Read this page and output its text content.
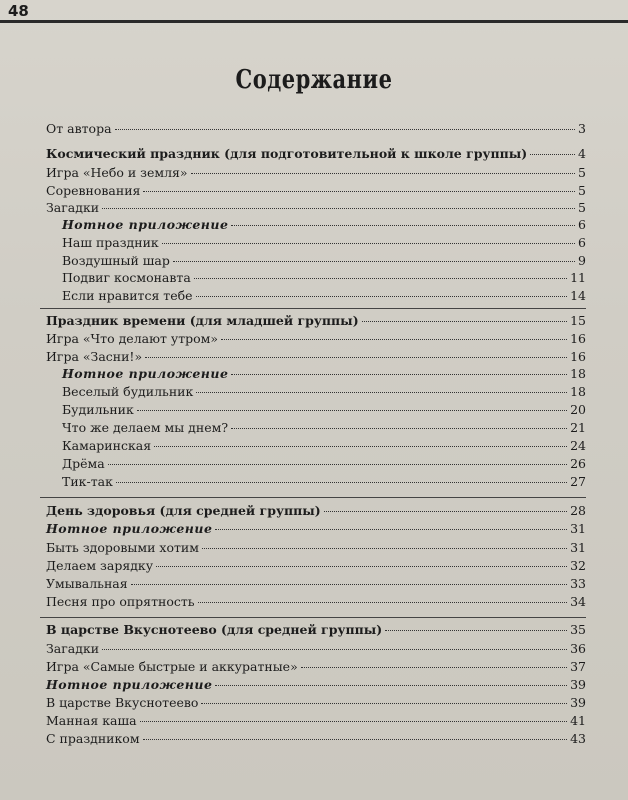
48
Содержание
От автора	3
Космический праздник (для подготовительной к школе группы)	4
Игра «Небо и земля»	5
Соревнования	5
Загадки	5
Нотное приложение	6
Наш праздник	6
Воздушный шар	9
Подвиг космонавта	11
Если нравится тебе	14
Праздник времени (для младшей группы)	15
Игра «Что делают утром»	16
Игра «Засни!»	16
Нотное приложение	18
Веселый будильник	18
Будильник	20
Что же делаем мы днем?	21
Камаринская	24
Дрёма	26
Тик-так	27
День здоровья (для средней группы)	28
Нотное приложение	31
Быть здоровыми хотим	31
Делаем зарядку	32
Умывальная	33
Песня про опрятность	34
В царстве Вкуснотеево (для средней группы)	35
Загадки	36
Игра «Самые быстрые и аккуратные»	37
Нотное приложение	39
В царстве Вкуснотеево	39
Манная каша	41
С праздником	43
